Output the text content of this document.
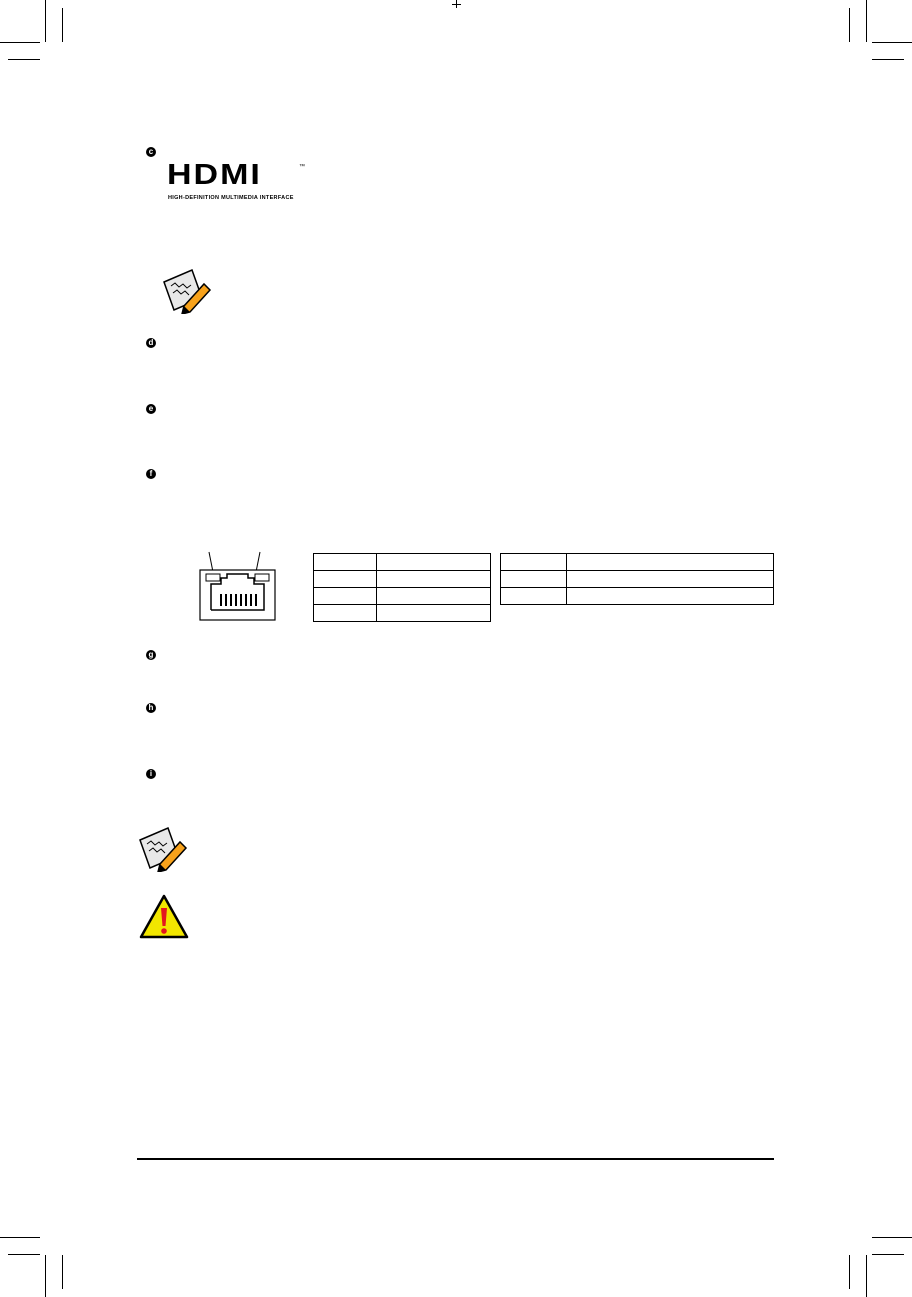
c
HDMI	™
HIGH-DEFINITION MULTIMEDIA INTERFACE
d
e
f

g
h
i
